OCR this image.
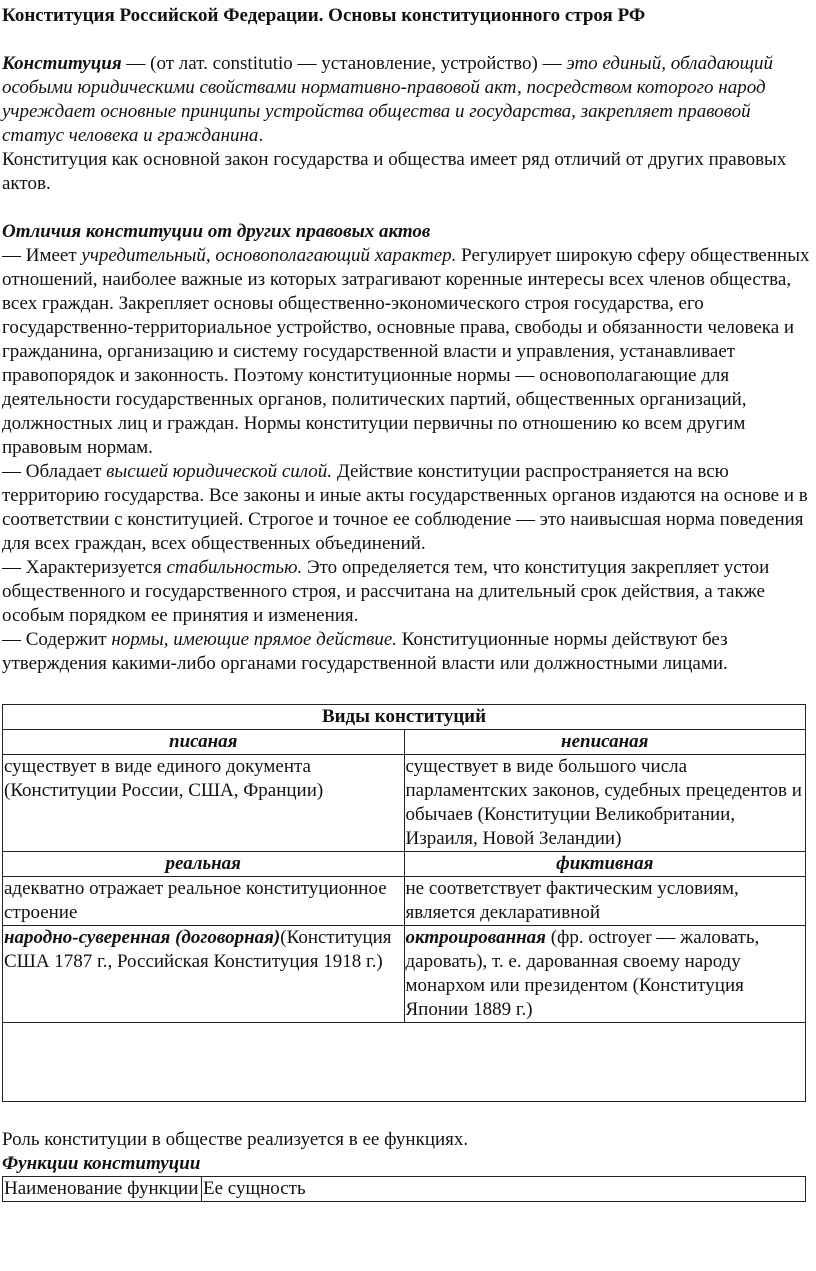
Конституция Российской Федерации. Основы конституционного строя РФ

Конституция — (от лат. constitutio — установление, устройство) — это единый, обладающий особыми юридическими свойствами нормативно-правовой акт, посредством которого народ учреждает основные принципы устройства общества и государства, закрепляет правовой статус человека и гражданина.

Конституция как основной закон государства и общества имеет ряд отличий от других правовых актов.

Отличия конституции от других правовых актов

— Имеет учредительный, основополагающий характер. Регулирует широкую сферу общественных отношений, наиболее важные из которых затрагивают коренные интересы всех членов общества, всех граждан. Закрепляет основы общественно-экономического строя государства, его государственно-территориальное устройство, основные права, свободы и обязанности человека и гражданина, организацию и систему государственной власти и управления, устанавливает правопорядок и законность. Поэтому конституционные нормы — основополагающие для деятельности государственных органов, политических партий, общественных организаций, должностных лиц и граждан. Нормы конституции первичны по отношению ко всем другим правовым нормам.

— Обладает высшей юридической силой. Действие конституции распространяется на всю территорию государства. Все законы и иные акты государственных органов издаются на основе и в соответствии с конституцией. Строгое и точное ее соблюдение — это наивысшая норма поведения для всех граждан, всех общественных объединений.

— Характеризуется стабильностью. Это определяется тем, что конституция закрепляет устои общественного и государственного строя, и рассчитана на длительный срок действия, а также особым порядком ее принятия и изменения.

— Содержит нормы, имеющие прямое действие. Конституционные нормы действуют без утверждения какими-либо органами государственной власти или должностными лицами.

Виды конституций	
писаная	неписаная
существует в виде единого документа (Конституции России, США, Франции)	существует в виде большого числа парламентских законов, судебных прецедентов и обычаев (Конституции Великобритании, Израиля, Новой Зеландии)
реальная	фиктивная
адекватно отражает реальное конституционное строение	не соответствует фактическим условиям, является декларативной
народно-суверенная (договорная)(Конституция США 1787 г., Российская Конституция 1918 г.)	октроированная (фр. octroyer — жаловать, даровать), т. е. дарованная своему народу монархом или президентом (Конституция Японии 1889 г.)

Роль конституции в обществе реализуется в ее функциях.

Функции конституции

Наименование функции	Ее сущность
